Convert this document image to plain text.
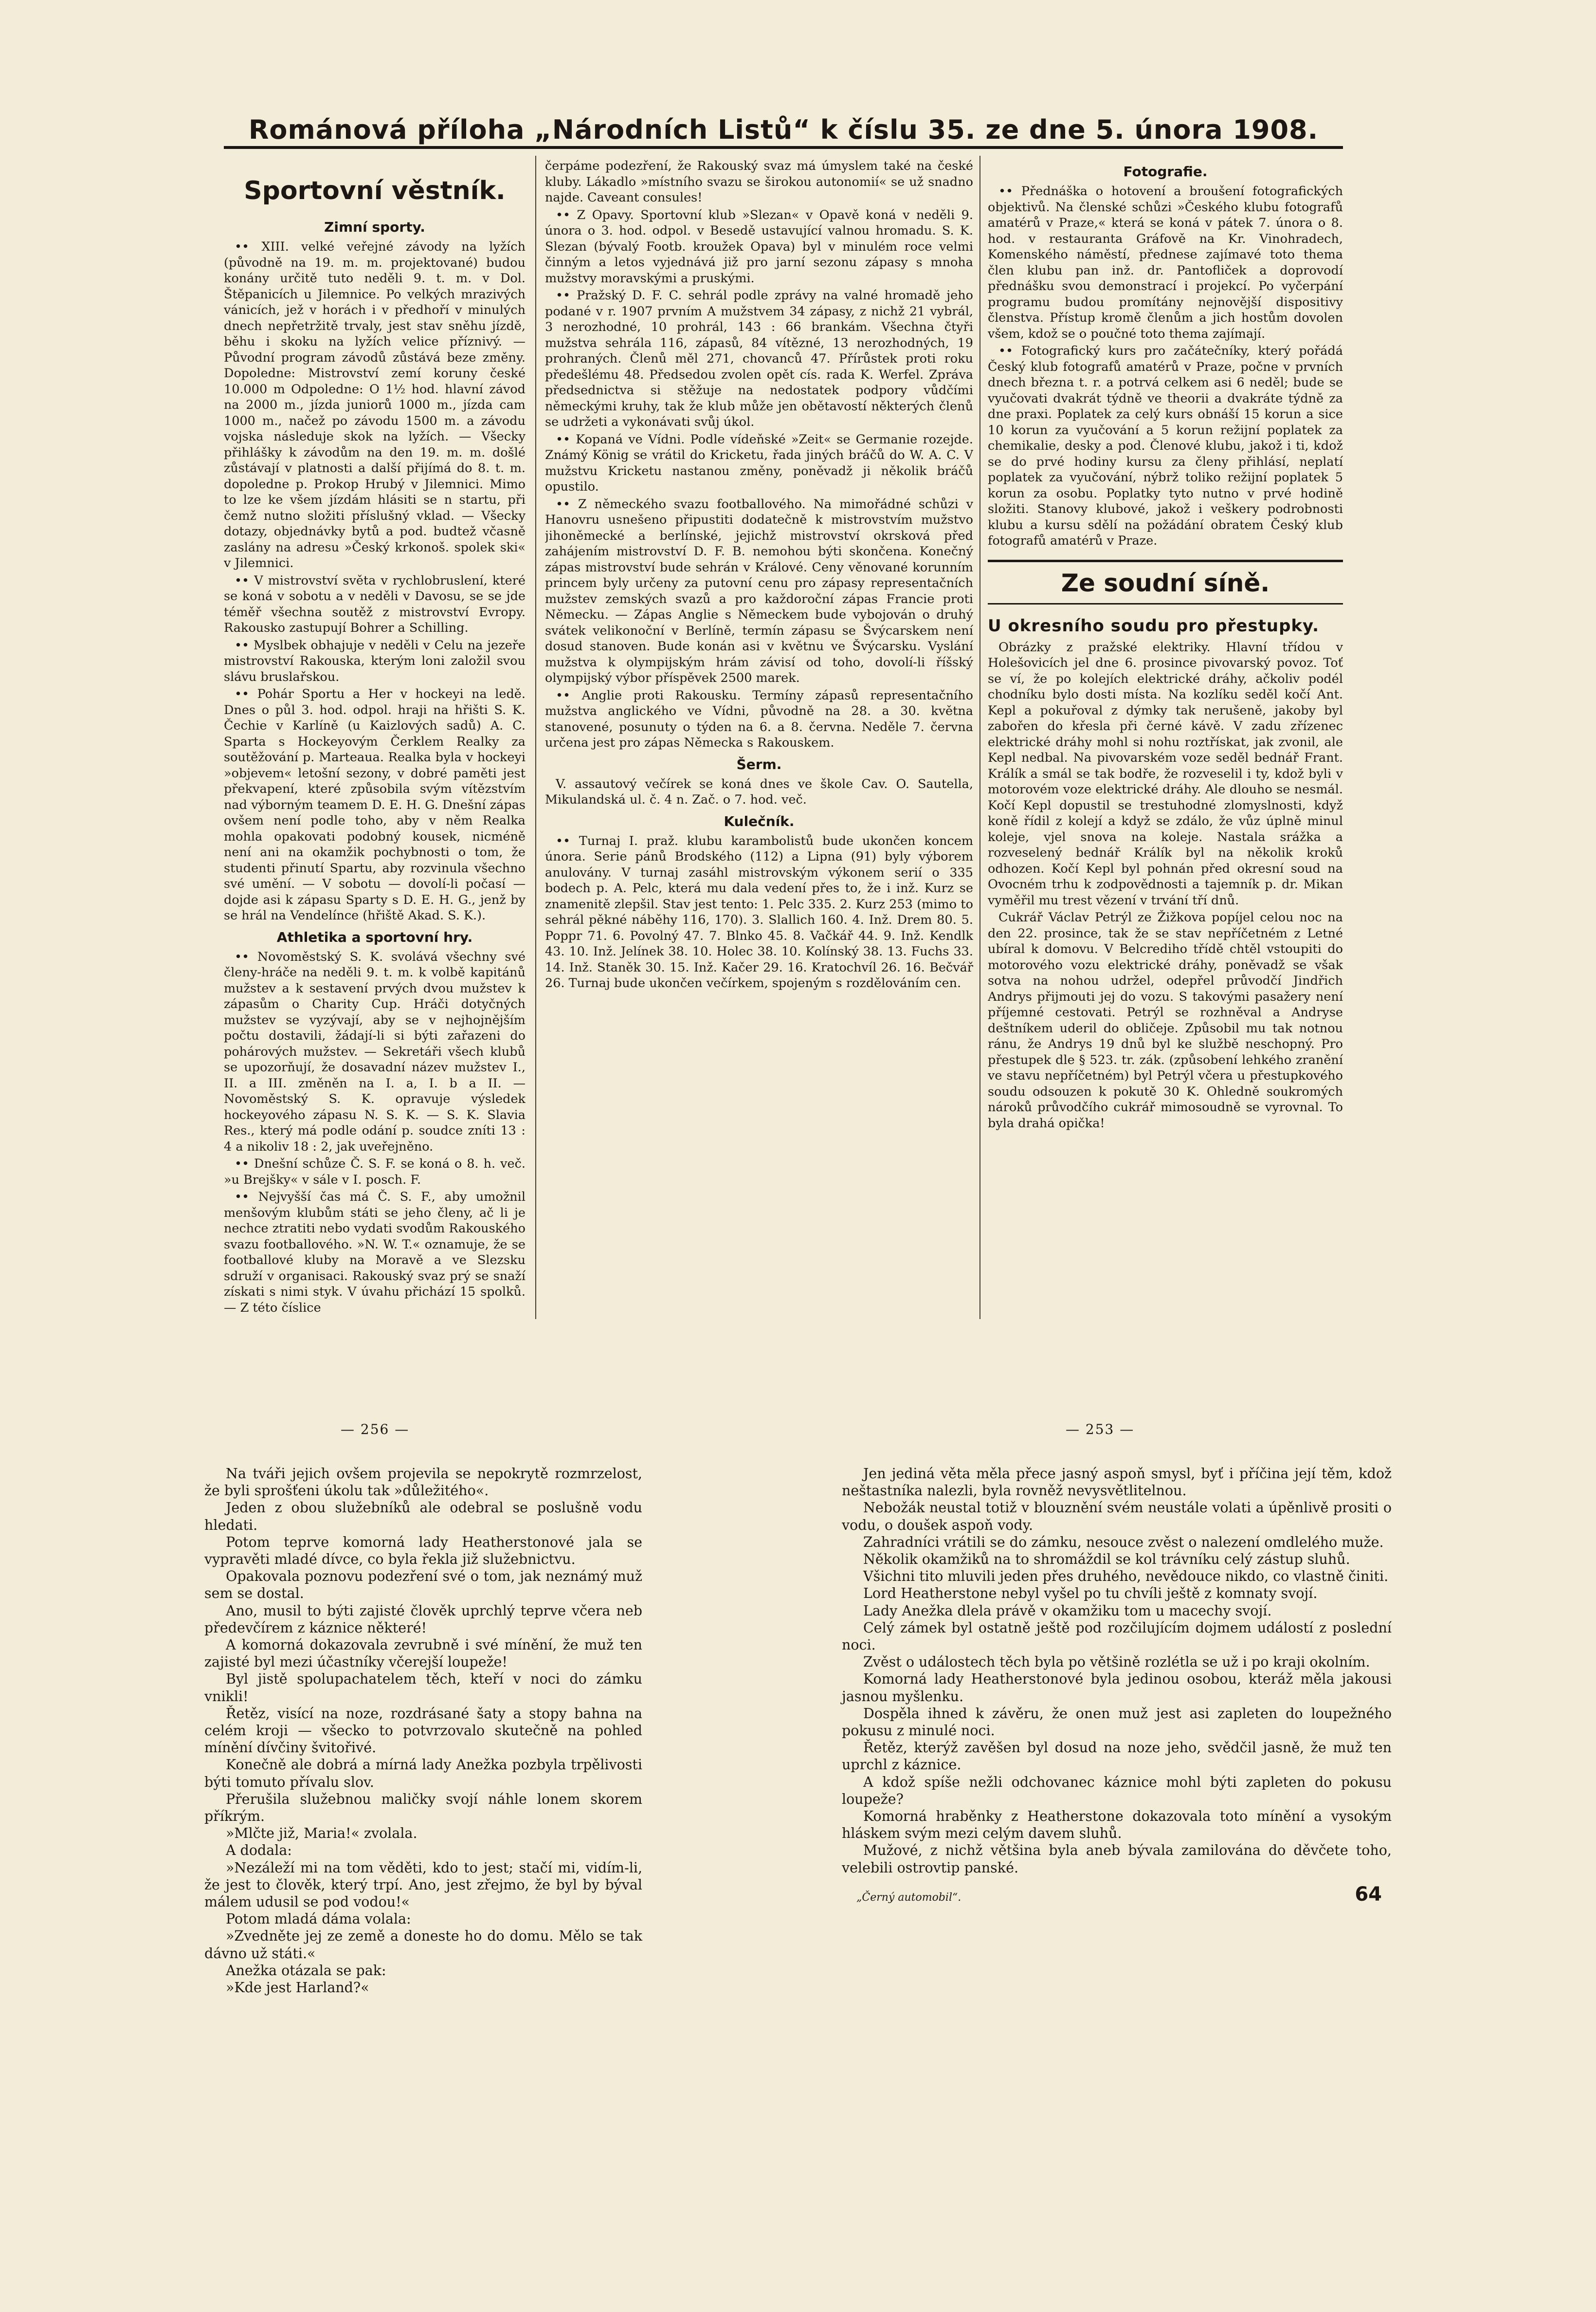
Románová příloha „Národních Listů“ k číslu 35. ze dne 5. února 1908.
Sportovní věstník.
Zimní sporty.

•• XIII. velké veřejné závody na lyžích (původně na 19. m. m. projektované) budou konány určitě tuto neděli 9. t. m. v Dol. Štěpanicích u Jilemnice. Po velkých mrazivých vánicích, jež v horách i v předhoří v minulých dnech nepřetržitě trvaly, jest stav sněhu jízdě, běhu i skoku na lyžích velice příznivý. — Původní program závodů zůstává beze změny. Dopoledne: Mistrovství zemí koruny české 10.000 m Odpoledne: O 1½ hod. hlavní závod na 2000 m., jízda juniorů 1000 m., jízda cam 1000 m., načež po závodu 1500 m. a závodu vojska následuje skok na lyžích. — Všecky přihlášky k závodům na den 19. m. m. došlé zůstávají v platnosti a další přijímá do 8. t. m. dopoledne p. Prokop Hrubý v Jilemnici. Mimo to lze ke všem jízdám hlásiti se n startu, při čemž nutno složiti příslušný vklad. — Všecky dotazy, objednávky bytů a pod. budtež včasně zaslány na adresu »Český krkonoš. spolek ski« v Jilemnici.

•• V mistrovství světa v rychlobruslení, které se koná v sobotu a v neděli v Davosu, se se jde téměř všechna soutěž z mistrovství Evropy. Rakousko zastupují Bohrer a Schilling.

•• Myslbek obhajuje v neděli v Celu na jezeře mistrovství Rakouska, kterým loni založil svou slávu bruslařskou.

•• Pohár Sportu a Her v hockeyi na ledě. Dnes o půl 3. hod. odpol. hraji na hřišti S. K. Čechie v Karlíně (u Kaizlových sadů) A. C. Sparta s Hockeyovým Čerklem Realky za soutěžování p. Marteaua. Realka byla v hockeyi »objevem« letošní sezony, v dobré paměti jest překvapení, které způsobila svým vítězstvím nad výborným teamem D. E. H. G. Dnešní zápas ovšem není podle toho, aby v něm Realka mohla opakovati podobný kousek, nicméně není ani na okamžik pochybnosti o tom, že studenti přinutí Spartu, aby rozvinula všechno své umění. — V sobotu — dovolí-li počasí — dojde asi k zápasu Sparty s D. E. H. G., jenž by se hrál na Vendelínce (hřiště Akad. S. K.).

Athletika a sportovní hry.

•• Novoměstský S. K. svolává všechny své členy-hráče na neděli 9. t. m. k volbě kapitánů mužstev a k sestavení prvých dvou mužstev k zápasům o Charity Cup. Hráči dotyčných mužstev se vyzývají, aby se v nejhojnějším počtu dostavili, žádají-li si býti zařazeni do pohárových mužstev. — Sekretáři všech klubů se upozorňují, že dosavadní název mužstev I., II. a III. změněn na I. a, I. b a II. — Novoměstský S. K. opravuje výsledek hockeyového zápasu N. S. K. — S. K. Slavia Res., který má podle odání p. soudce zníti 13 : 4 a nikoliv 18 : 2, jak uveřejněno.

•• Dnešní schůze Č. S. F. se koná o 8. h. več. »u Brejšky« v sále v I. posch. F.

•• Nejvyšší čas má Č. S. F., aby umožnil menšovým klubům státi se jeho členy, ač li je nechce ztratiti nebo vydati svodům Rakouského svazu footballového. »N. W. T.« oznamuje, že se footballové kluby na Moravě a ve Slezsku sdruží v organisaci. Rakouský svaz prý se snaží získati s nimi styk. V úvahu přichází 15 spolků. — Z této číslice

čerpáme podezření, že Rakouský svaz má úmyslem také na české kluby. Lákadlo »místního svazu se širokou autonomií« se už snadno najde. Caveant consules!

•• Z Opavy. Sportovní klub »Slezan« v Opavě koná v neděli 9. února o 3. hod. odpol. v Besedě ustavující valnou hromadu. S. K. Slezan (bývalý Footb. kroužek Opava) byl v minulém roce velmi činným a letos vyjednává již pro jarní sezonu zápasy s mnoha mužstvy moravskými a pruskými.

•• Pražský D. F. C. sehrál podle zprávy na valné hromadě jeho podané v r. 1907 prvním A mužstvem 34 zápasy, z nichž 21 vybrál, 3 nerozhodné, 10 prohrál, 143 : 66 brankám. Všechna čtyři mužstva sehrála 116, zápasů, 84 vítězné, 13 nerozhodných, 19 prohraných. Členů měl 271, chovanců 47. Přírůstek proti roku předešlému 48. Předsedou zvolen opět cís. rada K. Werfel. Zpráva předsednictva si stěžuje na nedostatek podpory vůdčími německými kruhy, tak že klub může jen obětavostí některých členů se udržeti a vykonávati svůj úkol.

•• Kopaná ve Vídni. Podle vídeňské »Zeit« se Germanie rozejde. Známý König se vrátil do Kricketu, řada jiných bráčů do W. A. C. V mužstvu Kricketu nastanou změny, poněvadž ji několik bráčů opustilo.

•• Z německého svazu footballového. Na mimořádné schůzi v Hanovru usnešeno připustiti dodatečně k mistrovstvím mužstvo jihoněmecké a berlínské, jejichž mistrovství okrsková před zahájením mistrovství D. F. B. nemohou býti skončena. Konečný zápas mistrovství bude sehrán v Králové. Ceny věnované korunním princem byly určeny za putovní cenu pro zápasy representačních mužstev zemských svazů a pro každoroční zápas Francie proti Německu. — Zápas Anglie s Německem bude vybojován o druhý svátek velikonoční v Berlíně, termín zápasu se Švýcarskem není dosud stanoven. Bude konán asi v květnu ve Švýcarsku. Vyslání mužstva k olympijským hrám závisí od toho, dovolí-li říšský olympijský výbor příspěvek 2500 marek.

•• Anglie proti Rakousku. Termíny zápasů representačního mužstva anglického ve Vídni, původně na 28. a 30. května stanovené, posunuty o týden na 6. a 8. června. Neděle 7. června určena jest pro zápas Německa s Rakouskem.

Šerm.

V. assautový večírek se koná dnes ve škole Cav. O. Sautella, Mikulandská ul. č. 4 n. Zač. o 7. hod. več.

Kulečník.

•• Turnaj I. praž. klubu karambolistů bude ukončen koncem února. Serie pánů Brodského (112) a Lipna (91) byly výborem anulovány. V turnaj zasáhl mistrovským výkonem serií o 335 bodech p. A. Pelc, která mu dala vedení přes to, že i inž. Kurz se znamenitě zlepšil. Stav jest tento: 1. Pelc 335. 2. Kurz 253 (mimo to sehrál pěkné náběhy 116, 170). 3. Slallich 160. 4. Inž. Drem 80. 5. Poppr 71. 6. Povolný 47. 7. Blnko 45. 8. Vačkář 44. 9. Inž. Kendlk 43. 10. Inž. Jelínek 38. 10. Holec 38. 10. Kolínský 38. 13. Fuchs 33. 14. Inž. Staněk 30. 15. Inž. Kačer 29. 16. Kratochvíl 26. 16. Bečvář 26. Turnaj bude ukončen večírkem, spojeným s rozdělováním cen.

Fotografie.

•• Přednáška o hotovení a broušení fotografických objektivů. Na členské schůzi »Českého klubu fotografů amatérů v Praze,« která se koná v pátek 7. února o 8. hod. v restauranta Gráfově na Kr. Vinohradech, Komenského náměstí, přednese zajímavé toto thema člen klubu pan inž. dr. Pantofliček a doprovodí přednášku svou demonstrací i projekcí. Po vyčerpání programu budou promítány nejnovější dispositivy členstva. Přístup kromě členům a jich hostům dovolen všem, kdož se o poučné toto thema zajímají.

•• Fotografický kurs pro začátečníky, který pořádá Český klub fotografů amatérů v Praze, počne v prvních dnech března t. r. a potrvá celkem asi 6 neděl; bude se vyučovati dvakrát týdně ve theorii a dvakráte týdně za dne praxi. Poplatek za celý kurs obnáší 15 korun a sice 10 korun za vyučování a 5 korun režijní poplatek za chemikalie, desky a pod. Členové klubu, jakož i ti, kdož se do prvé hodiny kursu za členy přihlásí, neplatí poplatek za vyučování, nýbrž toliko režijní poplatek 5 korun za osobu. Poplatky tyto nutno v prvé hodině složiti. Stanovy klubové, jakož i veškery podrobnosti klubu a kursu sdělí na požádání obratem Český klub fotografů amatérů v Praze.

Ze soudní síně.
U okresního soudu pro přestupky.

Obrázky z pražské elektriky. Hlavní třídou v Holešovicích jel dne 6. prosince pivovarský povoz. Toť se ví, že po kolejích elektrické dráhy, ačkoliv podél chodníku bylo dosti místa. Na kozlíku seděl kočí Ant. Kepl a pokuřoval z dýmky tak nerušeně, jakoby byl zabořen do křesla při černé kávě. V zadu zřízenec elektrické dráhy mohl si nohu roztřískat, jak zvonil, ale Kepl nedbal. Na pivovarském voze seděl bednář Frant. Králík a smál se tak bodře, že rozveselil i ty, kdož byli v motorovém voze elektrické dráhy. Ale dlouho se nesmál. Kočí Kepl dopustil se trestuhodné zlomyslnosti, když koně řídil z kolejí a když se zdálo, že vůz úplně minul koleje, vjel snova na koleje. Nastala srážka a rozveselený bednář Králík byl na několik kroků odhozen. Kočí Kepl byl pohnán před okresní soud na Ovocném trhu k zodpovědnosti a tajemník p. dr. Mikan vyměřil mu trest vězení v trvání tří dnů.

Cukrář Václav Petrýl ze Žižkova popíjel celou noc na den 22. prosince, tak že se stav nepříčetném z Letné ubíral k domovu. V Belcrediho třídě chtěl vstoupiti do motorového vozu elektrické dráhy, poněvadž se však sotva na nohou udržel, odepřel průvodčí Jindřich Andrys přijmouti jej do vozu. S takovými pasažery není příjemné cestovati. Petrýl se rozhněval a Andryse deštníkem uderil do obličeje. Způsobil mu tak notnou ránu, že Andrys 19 dnů byl ke službě neschopný. Pro přestupek dle § 523. tr. zák. (způsobení lehkého zranění ve stavu nepříčetném) byl Petrýl včera u přestupkového soudu odsouzen k pokutě 30 K. Ohledně soukromých nároků průvodčího cukrář mimosoudně se vyrovnal. To byla drahá opička!

— 256 —	— 253 —

Na tváři jejich ovšem projevila se nepokrytě rozmrzelost, že byli sprošťeni úkolu tak »důležitého«.

Jeden z obou služebníků ale odebral se poslušně vodu hledati.

Potom teprve komorná lady Heatherstonové jala se vypravěti mladé dívce, co byla řekla již služebnictvu.

Opakovala poznovu podezření své o tom, jak neznámý muž sem se dostal.

Ano, musil to býti zajisté člověk uprchlý teprve včera neb předevčírem z káznice některé!

A komorná dokazovala zevrubně i své mínění, že muž ten zajisté byl mezi účastníky včerejší loupeže!

Byl jistě spolupachatelem těch, kteří v noci do zámku vnikli!

Řetěz, visící na noze, rozdrásané šaty a stopy bahna na celém kroji — všecko to potvrzovalo skutečně na pohled mínění dívčiny švitořivé.

Konečně ale dobrá a mírná lady Anežka pozbyla trpělivosti býti tomuto přívalu slov.

Přerušila služebnou maličky svojí náhle lonem skorem příkrým.

»Mlčte již, Maria!« zvolala.

A dodala:

»Nezáleží mi na tom věděti, kdo to jest; stačí mi, vidím-li, že jest to člověk, který trpí. Ano, jest zřejmo, že byl by býval málem udusil se pod vodou!«

Potom mladá dáma volala:

»Zvedněte jej ze země a doneste ho do domu. Mělo se tak dávno už státi.«

Anežka otázala se pak:

»Kde jest Harland?«

Jen jediná věta měla přece jasný aspoň smysl, byť i příčina její těm, kdož neštastníka nalezli, byla rovněž nevysvětlitelnou.

Nebožák neustal totiž v blouznění svém neustále volati a úpěnlivě prositi o vodu, o doušek aspoň vody.

Zahradníci vrátili se do zámku, nesouce zvěst o nalezení omdlelého muže.

Několik okamžiků na to shromáždil se kol trávníku celý zástup sluhů.

Všichni tito mluvili jeden přes druhého, nevědouce nikdo, co vlastně činiti.

Lord Heatherstone nebyl vyšel po tu chvíli ještě z komnaty svojí.

Lady Anežka dlela právě v okamžiku tom u macechy svojí.

Celý zámek byl ostatně ještě pod rozčilujícím dojmem událostí z poslední noci.

Zvěst o událostech těch byla po většině rozlétla se už i po kraji okolním.

Komorná lady Heatherstonové byla jedinou osobou, kteráž měla jakousi jasnou myšlenku.

Dospěla ihned k závěru, že onen muž jest asi zapleten do loupežného pokusu z minulé noci.

Řetěz, kterýž zavěšen byl dosud na noze jeho, svědčil jasně, že muž ten uprchl z káznice.

A kdož spíše nežli odchovanec káznice mohl býti zapleten do pokusu loupeže?

Komorná hraběnky z Heatherstone dokazovala toto mínění a vysokým hláskem svým mezi celým davem sluhů.

Mužové, z nichž většina byla aneb bývala zamilována do děvčete toho, velebili ostrovtip panské.

„Černý automobil“.	64
